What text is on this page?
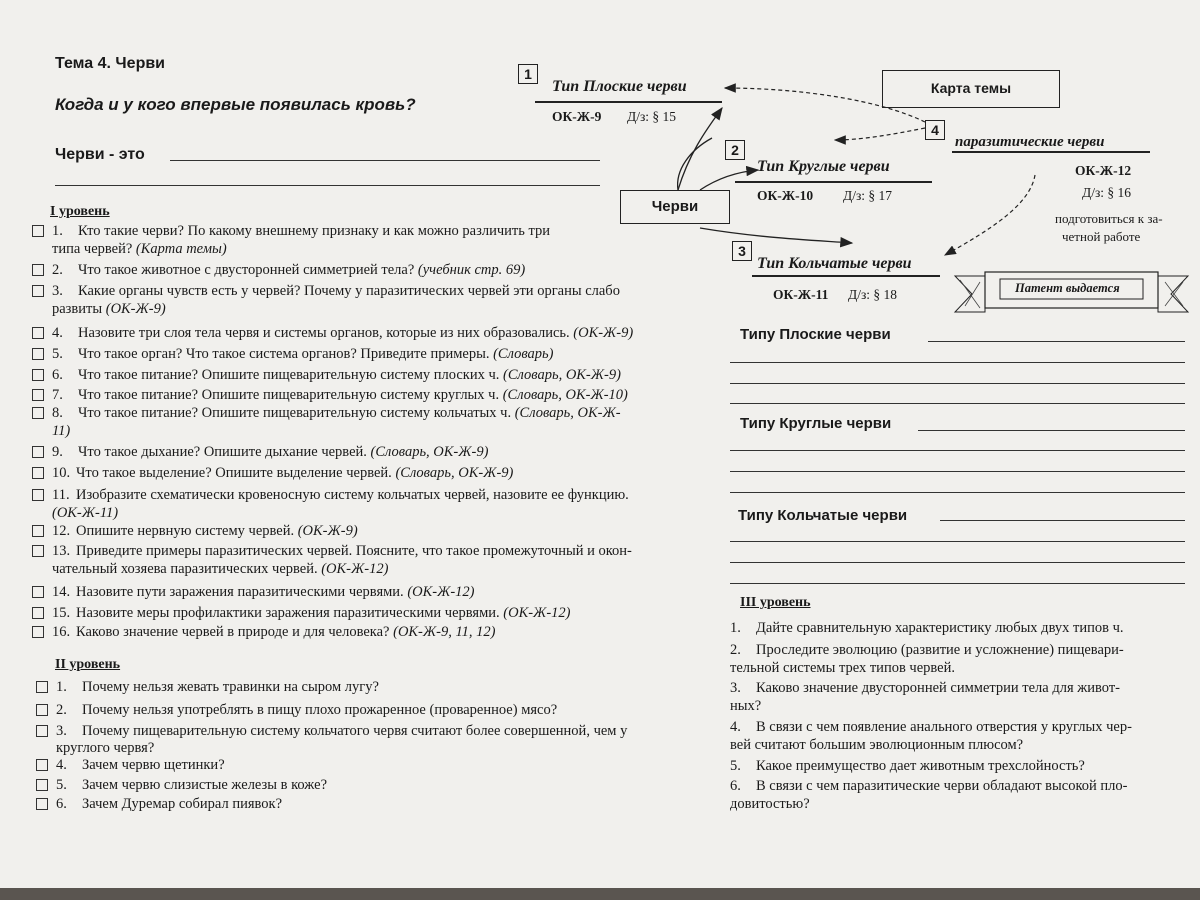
Тема 4. Черви
Когда и у кого впервые появилась кровь?
Черви - это
I уровень
1. Кто такие черви? По какому внешнему признаку и как можно различить три
типа червей? (Карта темы)
2. Что такое животное с двусторонней симметрией тела? (учебник стр. 69)
3. Какие органы чувств есть у червей? Почему у паразитических червей эти органы слабо
развиты (ОК-Ж-9)
4. Назовите три слоя тела червя и системы органов, которые из них образовались. (ОК-Ж-9)
5. Что такое орган? Что такое система органов? Приведите примеры. (Словарь)
6. Что такое питание? Опишите пищеварительную систему плоских ч. (Словарь, ОК-Ж-9)
7. Что такое питание? Опишите пищеварительную систему круглых ч. (Словарь, ОК-Ж-10)
8. Что такое питание? Опишите пищеварительную систему кольчатых ч. (Словарь, ОК-Ж-
11)
9. Что такое дыхание? Опишите дыхание червей. (Словарь, ОК-Ж-9)
10. Что такое выделение? Опишите выделение червей. (Словарь, ОК-Ж-9)
11. Изобразите схематически кровеносную систему кольчатых червей, назовите ее функцию.
(ОК-Ж-11)
12. Опишите нервную систему червей. (ОК-Ж-9)
13. Приведите примеры паразитических червей. Поясните, что такое промежуточный и окон-
чательный хозяева паразитических червей. (ОК-Ж-12)
14. Назовите пути заражения паразитическими червями. (ОК-Ж-12)
15. Назовите меры профилактики заражения паразитическими червями. (ОК-Ж-12)
16. Каково значение червей в природе и для человека? (ОК-Ж-9, 11, 12)
II уровень
1. Почему нельзя жевать травинки на сыром лугу?
2. Почему нельзя употреблять в пищу плохо прожаренное (проваренное) мясо?
3. Почему пищеварительную систему кольчатого червя считают более совершенной, чем у
круглого червя?
4. Зачем червю щетинки?
5. Зачем червю слизистые железы в коже?
6. Зачем Дуремар собирал пиявок?
Карта темы
Черви
1
Тип Плоские черви
ОК-Ж-9 Д/з: § 15
2
Тип Круглые черви
ОК-Ж-10 Д/з: § 17
3
Тип Кольчатые черви
ОК-Ж-11 Д/з: § 18
4
паразитические черви
ОК-Ж-12
Д/з: § 16
подготовиться к за-
четной работе
Патент выдается
Типу Плоские черви
Типу Круглые черви
Типу Кольчатые черви
III уровень
1. Дайте сравнительную характеристику любых двух типов ч.
2. Проследите эволюцию (развитие и усложнение) пищевари-
тельной системы трех типов червей.
3. Каково значение двусторонней симметрии тела для живот-
ных?
4. В связи с чем появление анального отверстия у круглых чер-
вей считают большим эволюционным плюсом?
5. Какое преимущество дает животным трехслойность?
6. В связи с чем паразитические черви обладают высокой пло-
довитостью?
